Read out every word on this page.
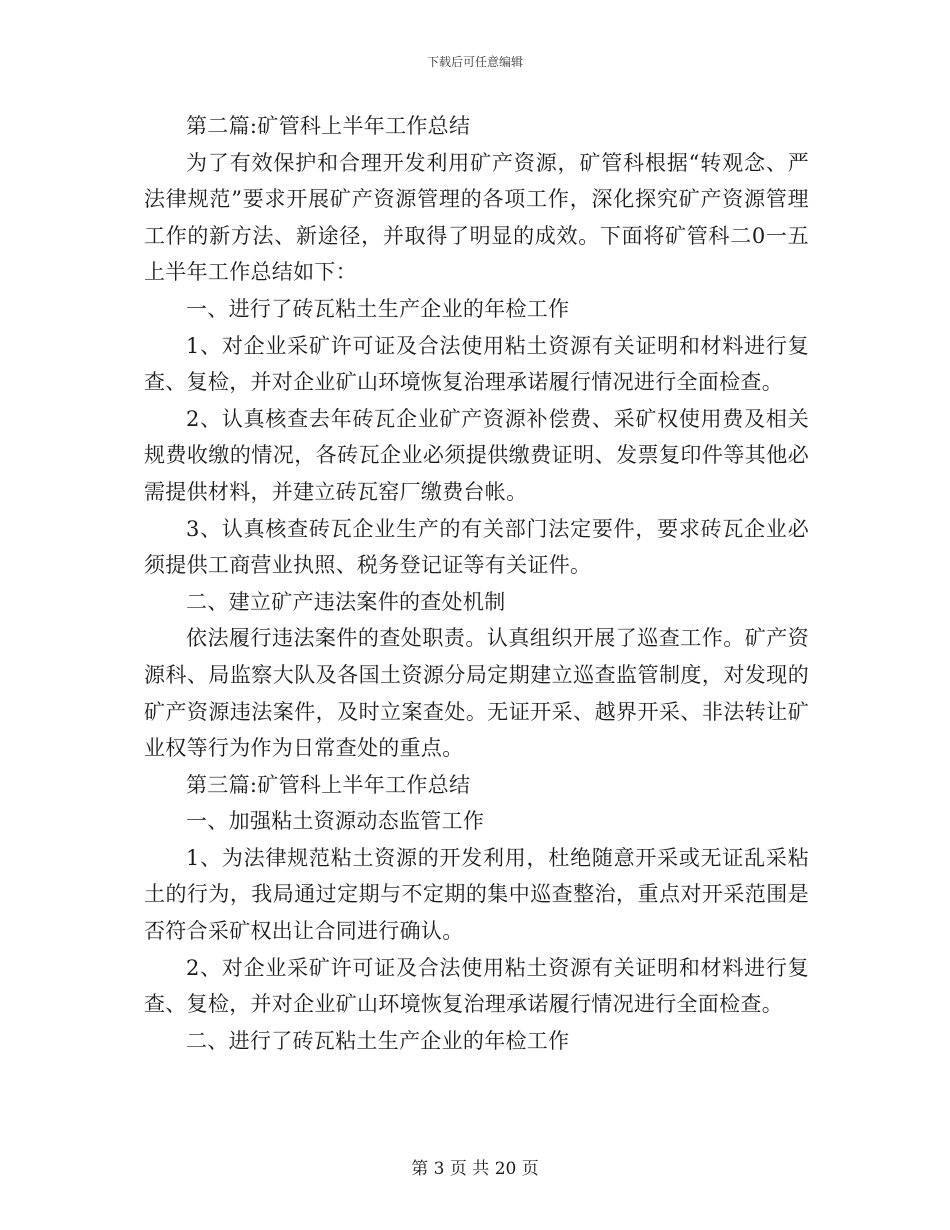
下载后可任意编辑

第二篇:矿管科上半年工作总结

为了有效保护和合理开发利用矿产资源，矿管科根据“转观念、严法律规范”要求开展矿产资源管理的各项工作，深化探究矿产资源管理工作的新方法、新途径，并取得了明显的成效。下面将矿管科二0一五上半年工作总结如下：

一、进行了砖瓦粘土生产企业的年检工作

1、对企业采矿许可证及合法使用粘土资源有关证明和材料进行复查、复检，并对企业矿山环境恢复治理承诺履行情况进行全面检查。

2、认真核查去年砖瓦企业矿产资源补偿费、采矿权使用费及相关规费收缴的情况，各砖瓦企业必须提供缴费证明、发票复印件等其他必需提供材料，并建立砖瓦窑厂缴费台帐。

3、认真核查砖瓦企业生产的有关部门法定要件，要求砖瓦企业必须提供工商营业执照、税务登记证等有关证件。

二、建立矿产违法案件的查处机制

依法履行违法案件的查处职责。认真组织开展了巡查工作。矿产资源科、局监察大队及各国土资源分局定期建立巡查监管制度，对发现的矿产资源违法案件，及时立案查处。无证开采、越界开采、非法转让矿业权等行为作为日常查处的重点。

第三篇:矿管科上半年工作总结

一、加强粘土资源动态监管工作

1、为法律规范粘土资源的开发利用，杜绝随意开采或无证乱采粘土的行为，我局通过定期与不定期的集中巡查整治，重点对开采范围是否符合采矿权出让合同进行确认。

2、对企业采矿许可证及合法使用粘土资源有关证明和材料进行复查、复检，并对企业矿山环境恢复治理承诺履行情况进行全面检查。

二、进行了砖瓦粘土生产企业的年检工作

第 3 页 共 20 页
